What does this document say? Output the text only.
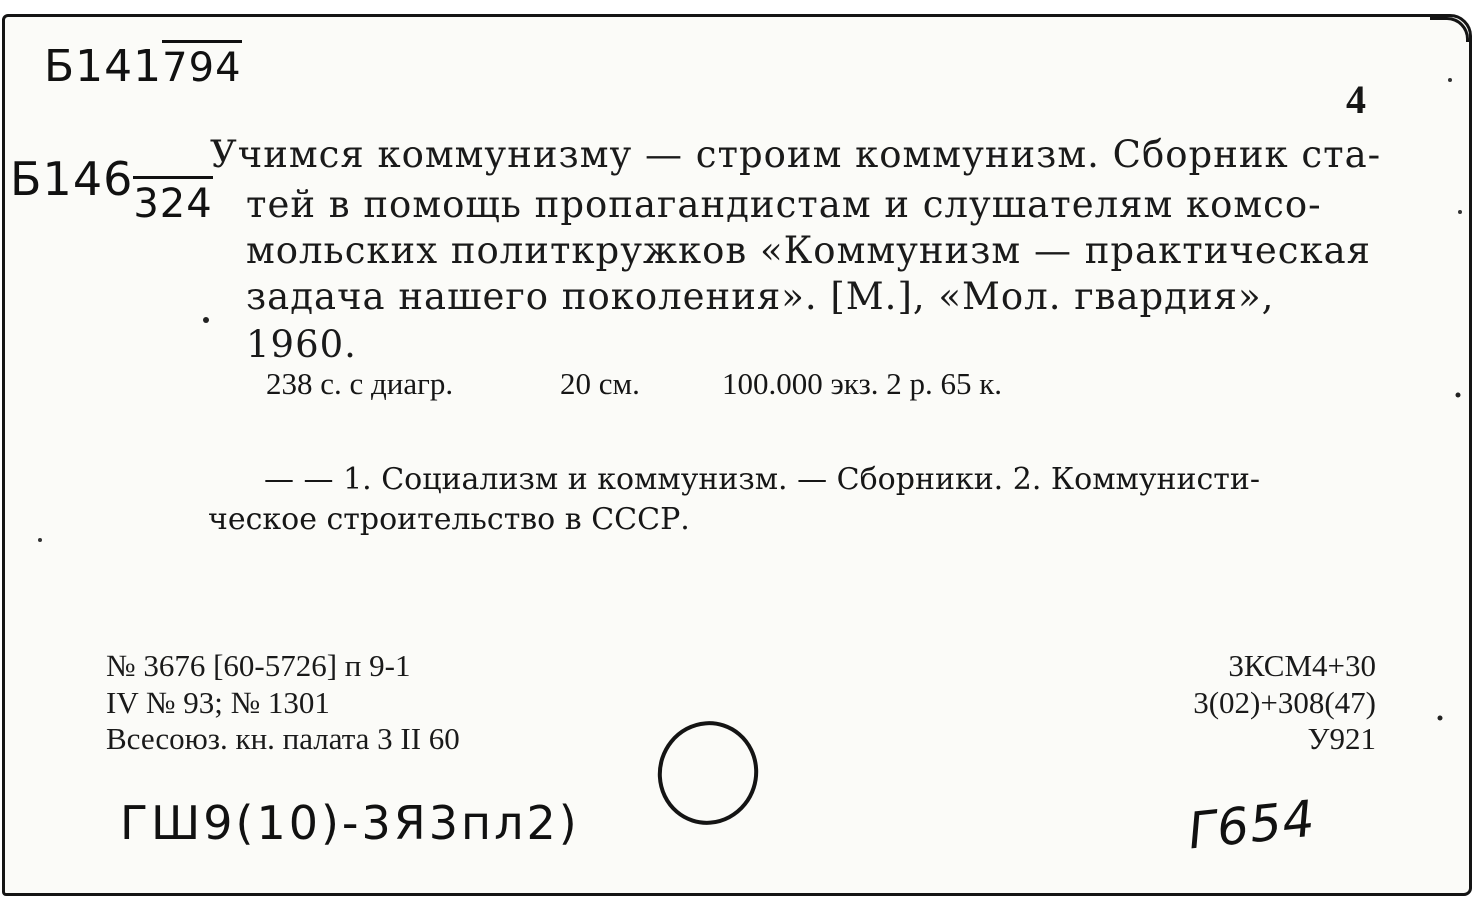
Б141794
Б146324
4
Учимся коммунизму — строим коммунизм. Сборник ста-
тей в помощь пропагандистам и слушателям комсо-
мольских политкружков «Коммунизм — практическая
задача нашего поколения». [М.], «Мол. гвардия»,
1960.
238 с. с диагр.	20 см.	100.000 экз. 2 р. 65 к.
— — 1. Социализм и коммунизм. — Сборники. 2. Коммунисти-
ческое строительство в СССР.
№ 3676 [60-5726] п 9-1
IV № 93; № 1301
Всесоюз. кн. палата 3 II 60
3КСМ4+30
3(02)+308(47)
У921
ГШ9(10)-3Я3пл2)	Г654
